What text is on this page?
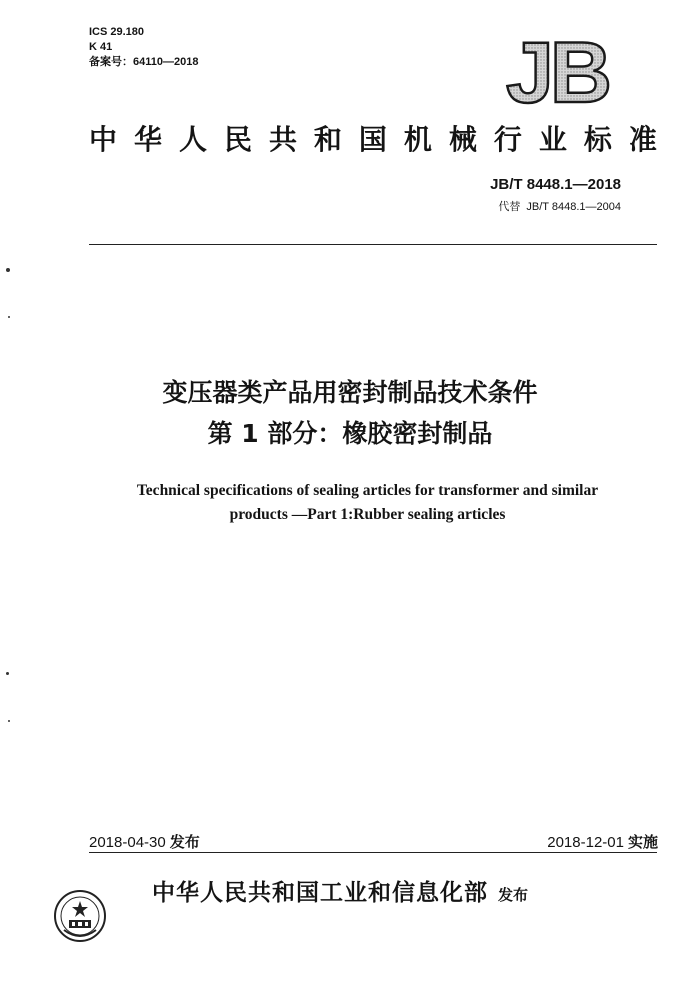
ICS 29.180
K 41
备案号：64110—2018	JB
中 华 人 民 共 和 国 机 械 行 业 标 准
JB/T 8448.1—2018
代替 JB/T 8448.1—2004
变压器类产品用密封制品技术条件
第 1 部分：橡胶密封制品
Technical specifications of sealing articles for transformer and similar
products —Part 1:Rubber sealing articles
2018-04-30 发布	2018-12-01 实施
中华人民共和国工业和信息化部 发布
